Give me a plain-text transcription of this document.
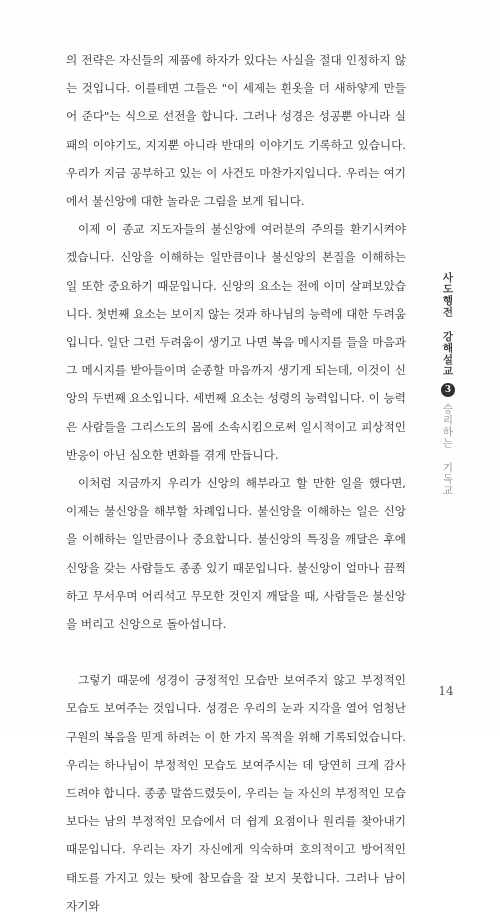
의 전략은 자신들의 제품에 하자가 있다는 사실을 절대 인정하지 않는 것입니다. 이를테면 그들은 "이 세제는 흰옷을 더 새하얗게 만들어 준다"는 식으로 선전을 합니다. 그러나 성경은 성공뿐 아니라 실패의 이야기도, 지지뿐 아니라 반대의 이야기도 기록하고 있습니다. 우리가 지금 공부하고 있는 이 사건도 마찬가지입니다. 우리는 여기에서 불신앙에 대한 놀라운 그림을 보게 됩니다.

이제 이 종교 지도자들의 불신앙에 여러분의 주의를 환기시켜야겠습니다. 신앙을 이해하는 일만큼이나 불신앙의 본질을 이해하는 일 또한 중요하기 때문입니다. 신앙의 요소는 전에 이미 살펴보았습니다. 첫번째 요소는 보이지 않는 것과 하나님의 능력에 대한 두려움입니다. 일단 그런 두려움이 생기고 나면 복음 메시지를 들을 마음과 그 메시지를 받아들이며 순종할 마음까지 생기게 되는데, 이것이 신앙의 두번째 요소입니다. 세번째 요소는 성령의 능력입니다. 이 능력은 사람들을 그리스도의 몸에 소속시킴으로써 일시적이고 피상적인 반응이 아닌 심오한 변화를 겪게 만듭니다.

이처럼 지금까지 우리가 신앙의 해부라고 할 만한 일을 했다면, 이제는 불신앙을 해부할 차례입니다. 불신앙을 이해하는 일은 신앙을 이해하는 일만큼이나 중요합니다. 불신앙의 특징을 깨달은 후에 신앙을 갖는 사람들도 종종 있기 때문입니다. 불신앙이 얼마나 끔찍하고 무서우며 어리석고 무모한 것인지 깨달을 때, 사람들은 불신앙을 버리고 신앙으로 돌아섭니다.

그렇기 때문에 성경이 긍정적인 모습만 보여주지 않고 부정적인 모습도 보여주는 것입니다. 성경은 우리의 눈과 지각을 열어 엄청난 구원의 복음을 믿게 하려는 이 한 가지 목적을 위해 기록되었습니다. 우리는 하나님이 부정적인 모습도 보여주시는 데 당연히 크게 감사드려야 합니다. 종종 말씀드렸듯이, 우리는 늘 자신의 부정적인 모습보다는 남의 부정적인 모습에서 더 쉽게 요점이나 원리를 찾아내기 때문입니다. 우리는 자기 자신에게 익숙하며 호의적이고 방어적인 태도를 가지고 있는 탓에 참모습을 잘 보지 못합니다. 그러나 남이 자기와

사도행전 강해설교
3
승리하는 기독교
14
